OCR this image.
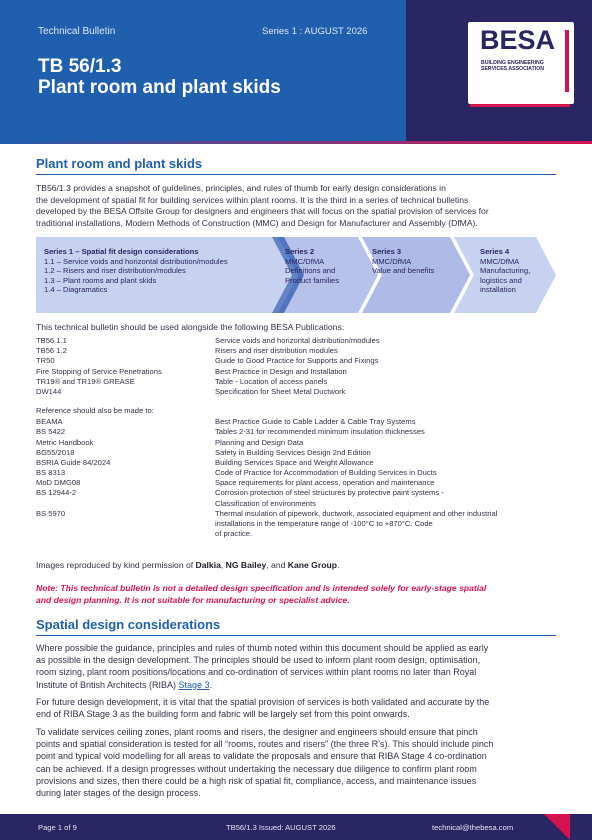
Technical Bulletin	Series 1 : AUGUST 2026
TB 56/1.3
Plant room and plant skids
BESA
BUILDING ENGINEERING
SERVICES ASSOCIATION
Plant room and plant skids
TB56/1.3 provides a snapshot of guidelines, principles, and rules of thumb for early design considerations in
the development of spatial fit for building services within plant rooms. It is the third in a series of technical bulletins
developed by the BESA Offsite Group for designers and engineers that will focus on the spatial provision of services for
traditional installations, Modern Methods of Construction (MMC) and Design for Manufacturer and Assembly (DfMA).
Series 1 – Spatial fit design considerations
1.1 – Service voids and horizontal distribution/modules
1.2 – Risers and riser distribution/modules
1.3 – Plant rooms and plant skids
1.4 – Diagramatics
Series 2
MMC/DfMA
Definitions and
Product families
Series 3
MMC/DfMA
Value and benefits
Series 4
MMC/DfMA
Manufacturing,
logistics and
installation
This technical bulletin should be used alongside the following BESA Publications:
TB56 1.1	Service voids and horizontal distribution/modules
TB56 1.2	Risers and riser distribution modules
TR50	Guide to Good Practice for Supports and Fixings
Fire Stopping of Service Penetrations	Best Practice in Design and Installation
TR19® and TR19® GREASE	Table - Location of access panels
DW144	Specification for Sheet Metal Ductwork
Reference should also be made to:
BEAMA	Best Practice Guide to Cable Ladder & Cable Tray Systems
BS 5422	Tables 2-31 for recommended minimum insulation thicknesses
Metric Handbook	Planning and Design Data
BG55/2018	Safety in Building Services Design 2nd Edition
BSRIA Guide 84/2024	Building Services Space and Weight Allowance
BS 8313	Code of Practice for Accommodation of Building Services in Ducts
MoD DMG08	Space requirements for plant access, operation and maintenance
BS 12944-2	Corrosion protection of steel structures by protective paint systems -
Classification of environments
BS 5970	Thermal insulation of pipework, ductwork, associated equipment and other industrial
installations in the temperature range of -100°C to +870°C. Code
of practice.
Images reproduced by kind permission of Dalkia, NG Bailey, and Kane Group.
Note: This technical bulletin is not a detailed design specification and is intended solely for early-stage spatial
and design planning. It is not suitable for manufacturing or specialist advice.
Spatial design considerations
Where possible the guidance, principles and rules of thumb noted within this document should be applied as early
as possible in the design development. The principles should be used to inform plant room design, optimisation,
room sizing, plant room positions/locations and co-ordination of services within plant rooms no later than Royal
Institute of British Architects (RIBA) Stage 3.
For future design development, it is vital that the spatial provision of services is both validated and accurate by the
end of RIBA Stage 3 as the building form and fabric will be largely set from this point onwards.
To validate services ceiling zones, plant rooms and risers, the designer and engineers should ensure that pinch
points and spatial consideration is tested for all “rooms, routes and risers” (the three R’s). This should include pinch
point and typical void modelling for all areas to validate the proposals and ensure that RIBA Stage 4 co-ordination
can be achieved. If a design progresses without undertaking the necessary due diligence to confirm plant room
provisions and sizes, then there could be a high risk of spatial fit, compliance, access, and maintenance issues
during later stages of the design process.
Page 1 of 9	TB56/1.3 Issued: AUGUST 2026	technical@thebesa.com
